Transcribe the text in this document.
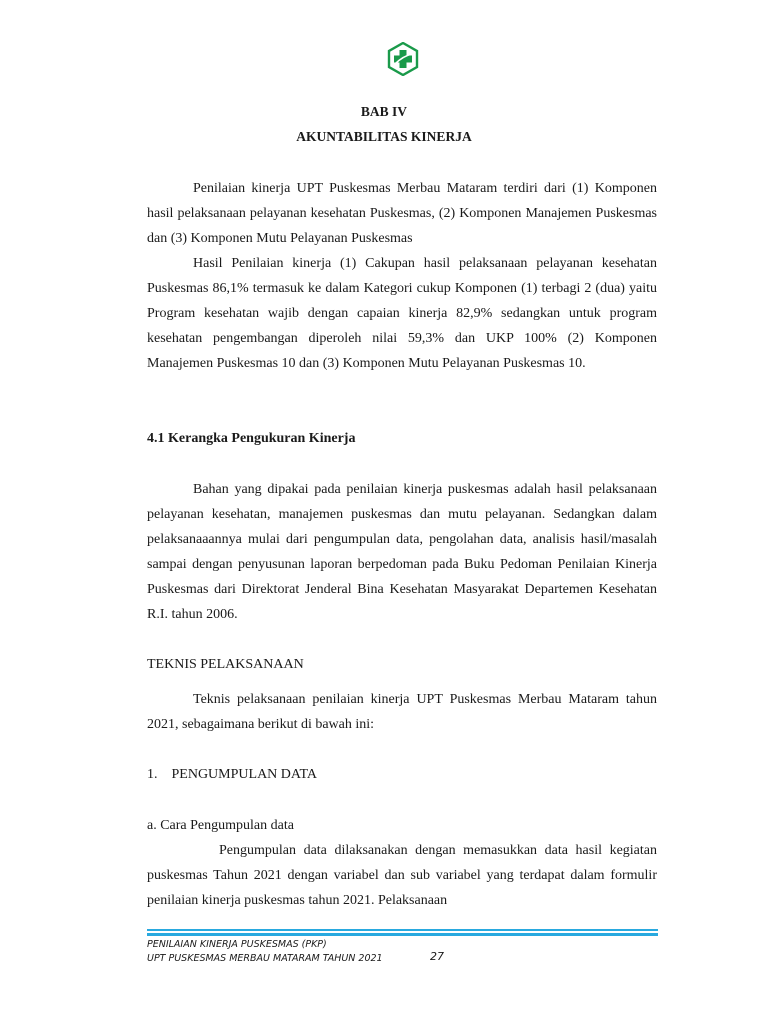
BAB IV
AKUNTABILITAS KINERJA

Penilaian kinerja UPT Puskesmas Merbau Mataram terdiri dari (1) Komponen hasil pelaksanaan pelayanan kesehatan Puskesmas, (2) Komponen Manajemen Puskesmas dan (3) Komponen Mutu Pelayanan Puskesmas

Hasil Penilaian kinerja (1) Cakupan hasil pelaksanaan pelayanan kesehatan Puskesmas 86,1% termasuk ke dalam Kategori cukup Komponen (1) terbagi 2 (dua) yaitu Program kesehatan wajib dengan capaian kinerja 82,9% sedangkan untuk program kesehatan pengembangan diperoleh nilai 59,3% dan UKP 100% (2) Komponen Manajemen Puskesmas 10 dan (3) Komponen Mutu Pelayanan Puskesmas 10.

4.1 Kerangka Pengukuran Kinerja

Bahan yang dipakai pada penilaian kinerja puskesmas adalah hasil pelaksanaan pelayanan kesehatan, manajemen puskesmas dan mutu pelayanan. Sedangkan dalam pelaksanaaannya mulai dari pengumpulan data, pengolahan data, analisis hasil/masalah sampai dengan penyusunan laporan berpedoman pada Buku Pedoman Penilaian Kinerja Puskesmas dari Direktorat Jenderal Bina Kesehatan Masyarakat Departemen Kesehatan R.I. tahun 2006.

TEKNIS PELAKSANAAN

Teknis pelaksanaan penilaian kinerja UPT Puskesmas Merbau Mataram tahun 2021, sebagaimana berikut di bawah ini:

1. PENGUMPULAN DATA
a. Cara Pengumpulan data

Pengumpulan data dilaksanakan dengan memasukkan data hasil kegiatan puskesmas Tahun 2021 dengan variabel dan sub variabel yang terdapat dalam formulir penilaian kinerja puskesmas tahun 2021. Pelaksanaan

PENILAIAN KINERJA PUSKESMAS (PKP)
UPT PUSKESMAS MERBAU MATARAM TAHUN 2021	27
